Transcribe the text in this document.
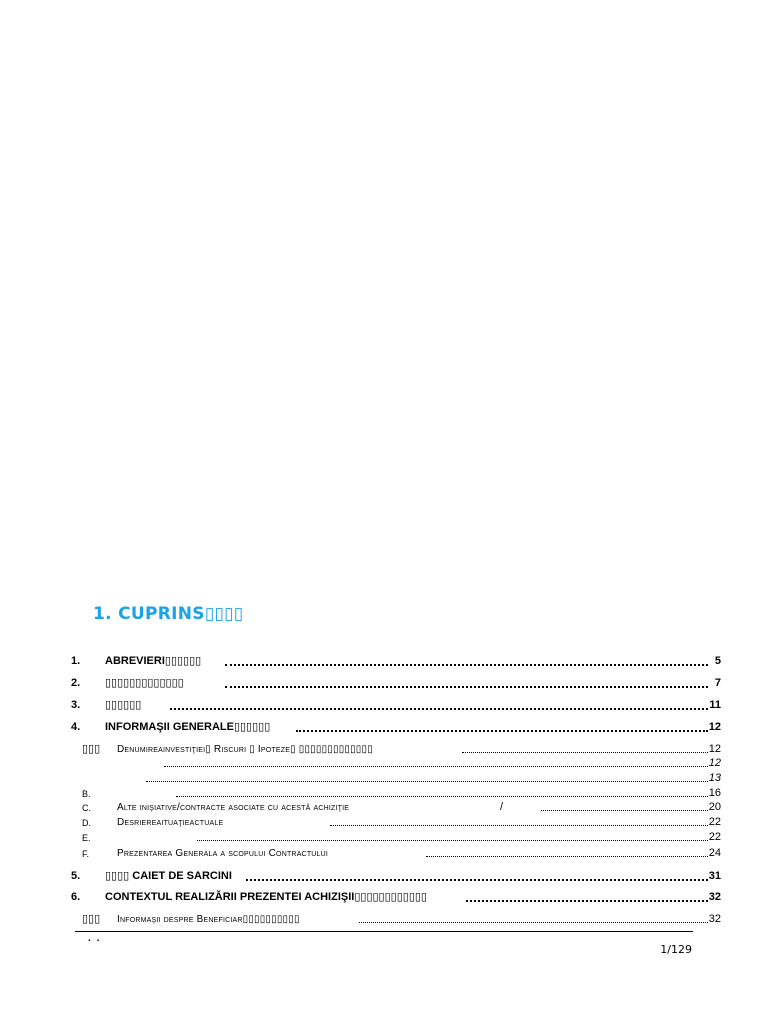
1. CUPRINS▯▯▯▯
1. ABREVIERI▯▯▯▯▯▯	5
2. ▯▯▯▯▯▯▯▯▯▯▯▯▯	7
3. ▯▯▯▯▯▯	11
4. INFORMAŞII GENERALE▯▯▯▯▯▯	12
▯▯▯ Denumireainvestiţiei▯ Riscuri ▯ Ipoteze▯ ▯▯▯▯▯▯▯▯▯▯▯▯▯	12
12
13
B.	16
C.	Alte inişiative/contracte asociate cu acestă achiziţie	/	20
D.	Desriereaituaţieactuale	22
E.	22
F.	Prezentarea Generala a scopului Contractului	24
5. ▯▯▯▯ CAIET DE SARCINI	31
6. CONTEXTUL REALIZĂRII PREZENTEI ACHIZIŞII▯▯▯▯▯▯▯▯▯▯▯▯	32
▯▯▯ Informaşii despre Beneficiar▯▯▯▯▯▯▯▯▯▯	32
..
1/129
